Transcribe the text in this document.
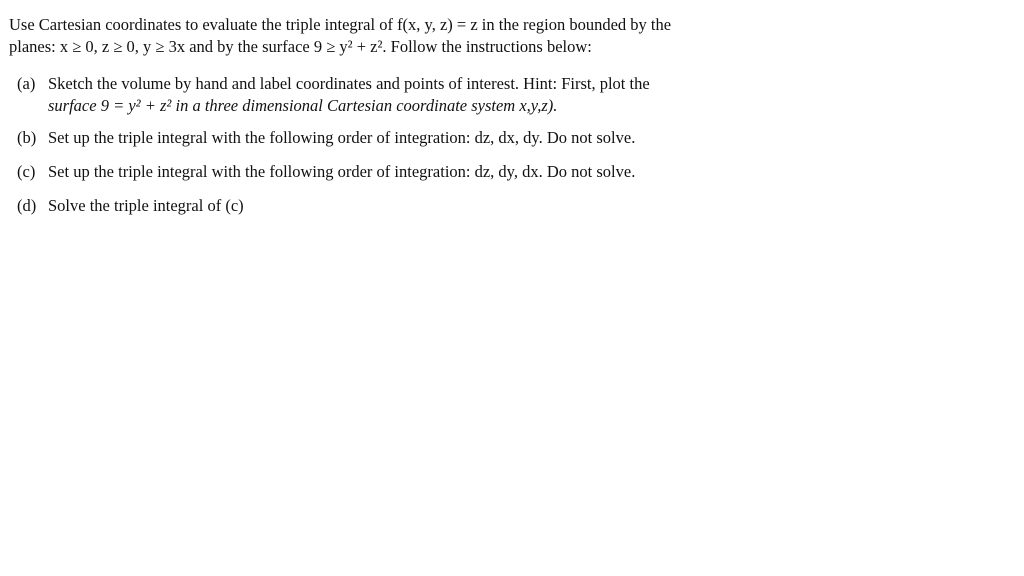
Use Cartesian coordinates to evaluate the triple integral of f(x, y, z) = z in the region bounded by the
planes: x ≥ 0, z ≥ 0, y ≥ 3x and by the surface 9 ≥ y² + z². Follow the instructions below:
(a) Sketch the volume by hand and label coordinates and points of interest. Hint: First, plot the
surface 9 = y² + z² in a three dimensional Cartesian coordinate system x,y,z).
(b) Set up the triple integral with the following order of integration: dz, dx, dy. Do not solve.
(c) Set up the triple integral with the following order of integration: dz, dy, dx. Do not solve.
(d) Solve the triple integral of (c)
